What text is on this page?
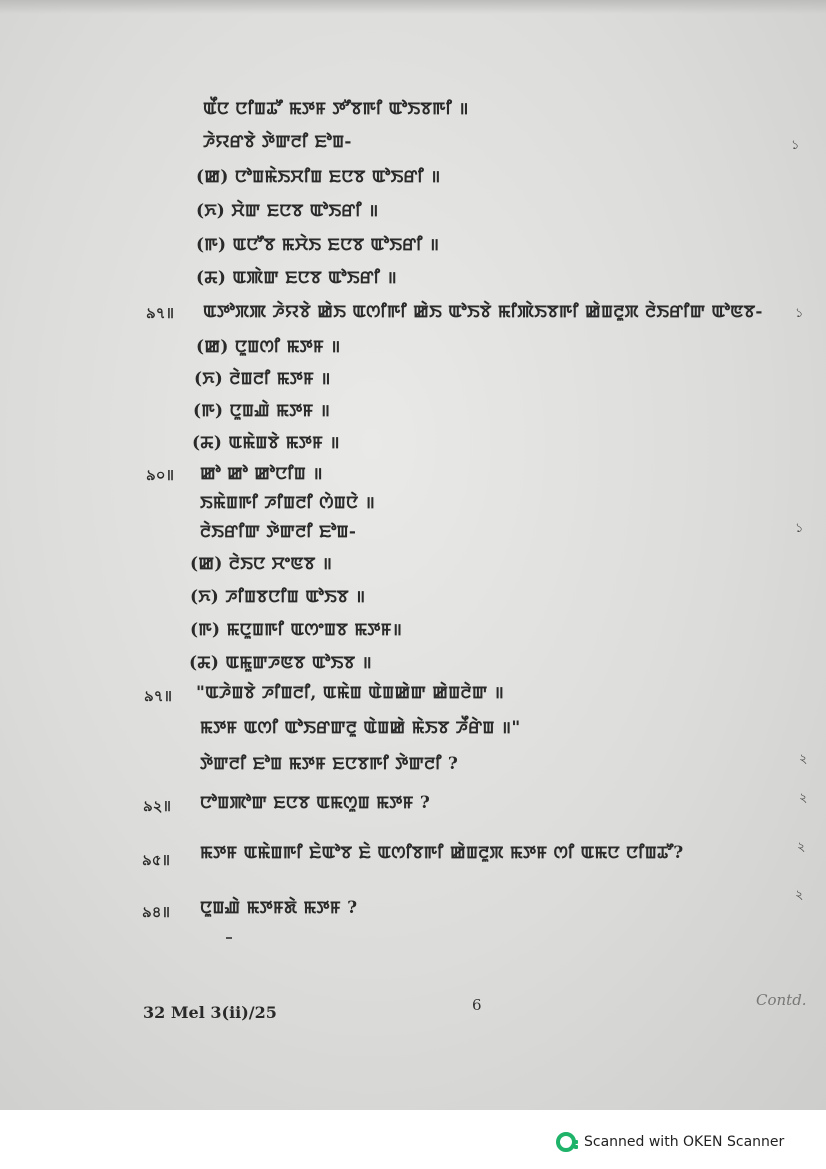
ꯑꯩꯅ ꯅꯤꯡꯊꯧ ꯃꯇꯝ ꯇꯧꯕꯒꯤ ꯑꯣꯏꯕꯒꯤ ॥
ꯍꯥꯌꯔꯕꯥ ꯇꯥꯛꯂꯤ ꯐꯣꯡ-	১
(ꯀ) ꯅꯣꯡꯃꯥꯏꯆꯤꯡ ꯐꯅꯕ ꯑꯣꯏꯔꯤ ॥
(ꯈ) ꯆꯥꯛ ꯐꯅꯕ ꯑꯣꯏꯔꯤ ॥
(ꯒ) ꯑꯅꯧꯕ ꯃꯆꯥꯏ ꯐꯅꯕ ꯑꯣꯏꯔꯤ ॥
(ꯘ) ꯑꯄꯥꯛ ꯐꯅꯕ ꯑꯣꯏꯔꯤ ॥
৯৭॥ ꯑꯇꯣꯞꯄ ꯍꯥꯌꯕꯥ ꯀꯥꯏ ꯑꯁꯤꯒꯤ ꯀꯥꯏ ꯑꯣꯏꯕꯥ ꯃꯤꯄꯥꯏꯕꯒꯤ ꯀꯥꯡꯂꯨꯞ ꯂꯥꯏꯔꯤꯛ ꯑꯣꯟꯕ- ১
(ꯀ) ꯅꯨꯡꯁꯤ ꯃꯇꯝ ॥
(ꯈ) ꯂꯥꯡꯂꯤ ꯃꯇꯝ ॥
(ꯒ) ꯅꯨꯡꯉꯥ ꯃꯇꯝ ॥
(ꯘ) ꯑꯃꯥꯡꯕꯥ ꯃꯇꯝ ॥
৯০॥ ꯀꯣ ꯀꯣ ꯀꯣꯅꯤꯡ ॥
ꯏꯃꯥꯡꯒꯤ ꯍꯤꯡꯂꯤ ꯁꯥꯡꯅꯥ ॥
ꯂꯥꯏꯔꯤꯛ ꯇꯥꯛꯂꯤ ꯐꯣꯡ-	১
(ꯀ) ꯂꯥꯏꯅ ꯆꯦꯟꯕ ॥
(ꯈ) ꯍꯤꯡꯕꯅꯤꯡ ꯑꯣꯏꯕ ॥
(ꯒ) ꯃꯅꯨꯡꯒꯤ ꯑꯁꯦꯡꯕ ꯃꯇꯝ॥
(ꯘ) ꯑꯃꯨꯛꯍꯟꯕ ꯑꯣꯏꯕ ॥
৯৭॥ "ꯑꯍꯥꯡꯕꯥ ꯍꯤꯡꯂꯤ, ꯑꯃꯥꯡ ꯑꯥꯡꯀꯥꯛ ꯀꯥꯡꯂꯥꯛ ॥
ꯃꯇꯝ ꯑꯁꯤ ꯑꯣꯏꯔꯛꯂꯨ ꯑꯥꯡꯀꯥ ꯃꯥꯏꯕ ꯍꯩꯔꯥꯡ ॥"
ꯇꯥꯛꯂꯤ ꯐꯣꯡ ꯃꯇꯝ ꯐꯅꯕꯒꯤ ꯇꯥꯛꯂꯤ ?	২
৯২॥ ꯅꯣꯡꯄꯣꯛ ꯐꯅꯕ ꯑꯃꯁꯨꯡ ꯃꯇꯝ ?	২
৯৫॥ ꯃꯇꯝ ꯑꯃꯥꯡꯒꯤ ꯐꯥꯑꯣꯕ ꯐꯥ ꯑꯁꯤꯕꯒꯤ ꯀꯥꯡꯂꯨꯞ ꯃꯇꯝ ꯁꯤ ꯑꯃꯅ ꯅꯤꯡꯊꯧ?	২
৯৪॥ ꯅꯨꯡꯉꯥ ꯃꯇꯝꯗꯥ ꯃꯇꯝ ?
২
32 Mel 3(ii)/25	6	Contd.
Scanned with OKEN Scanner
